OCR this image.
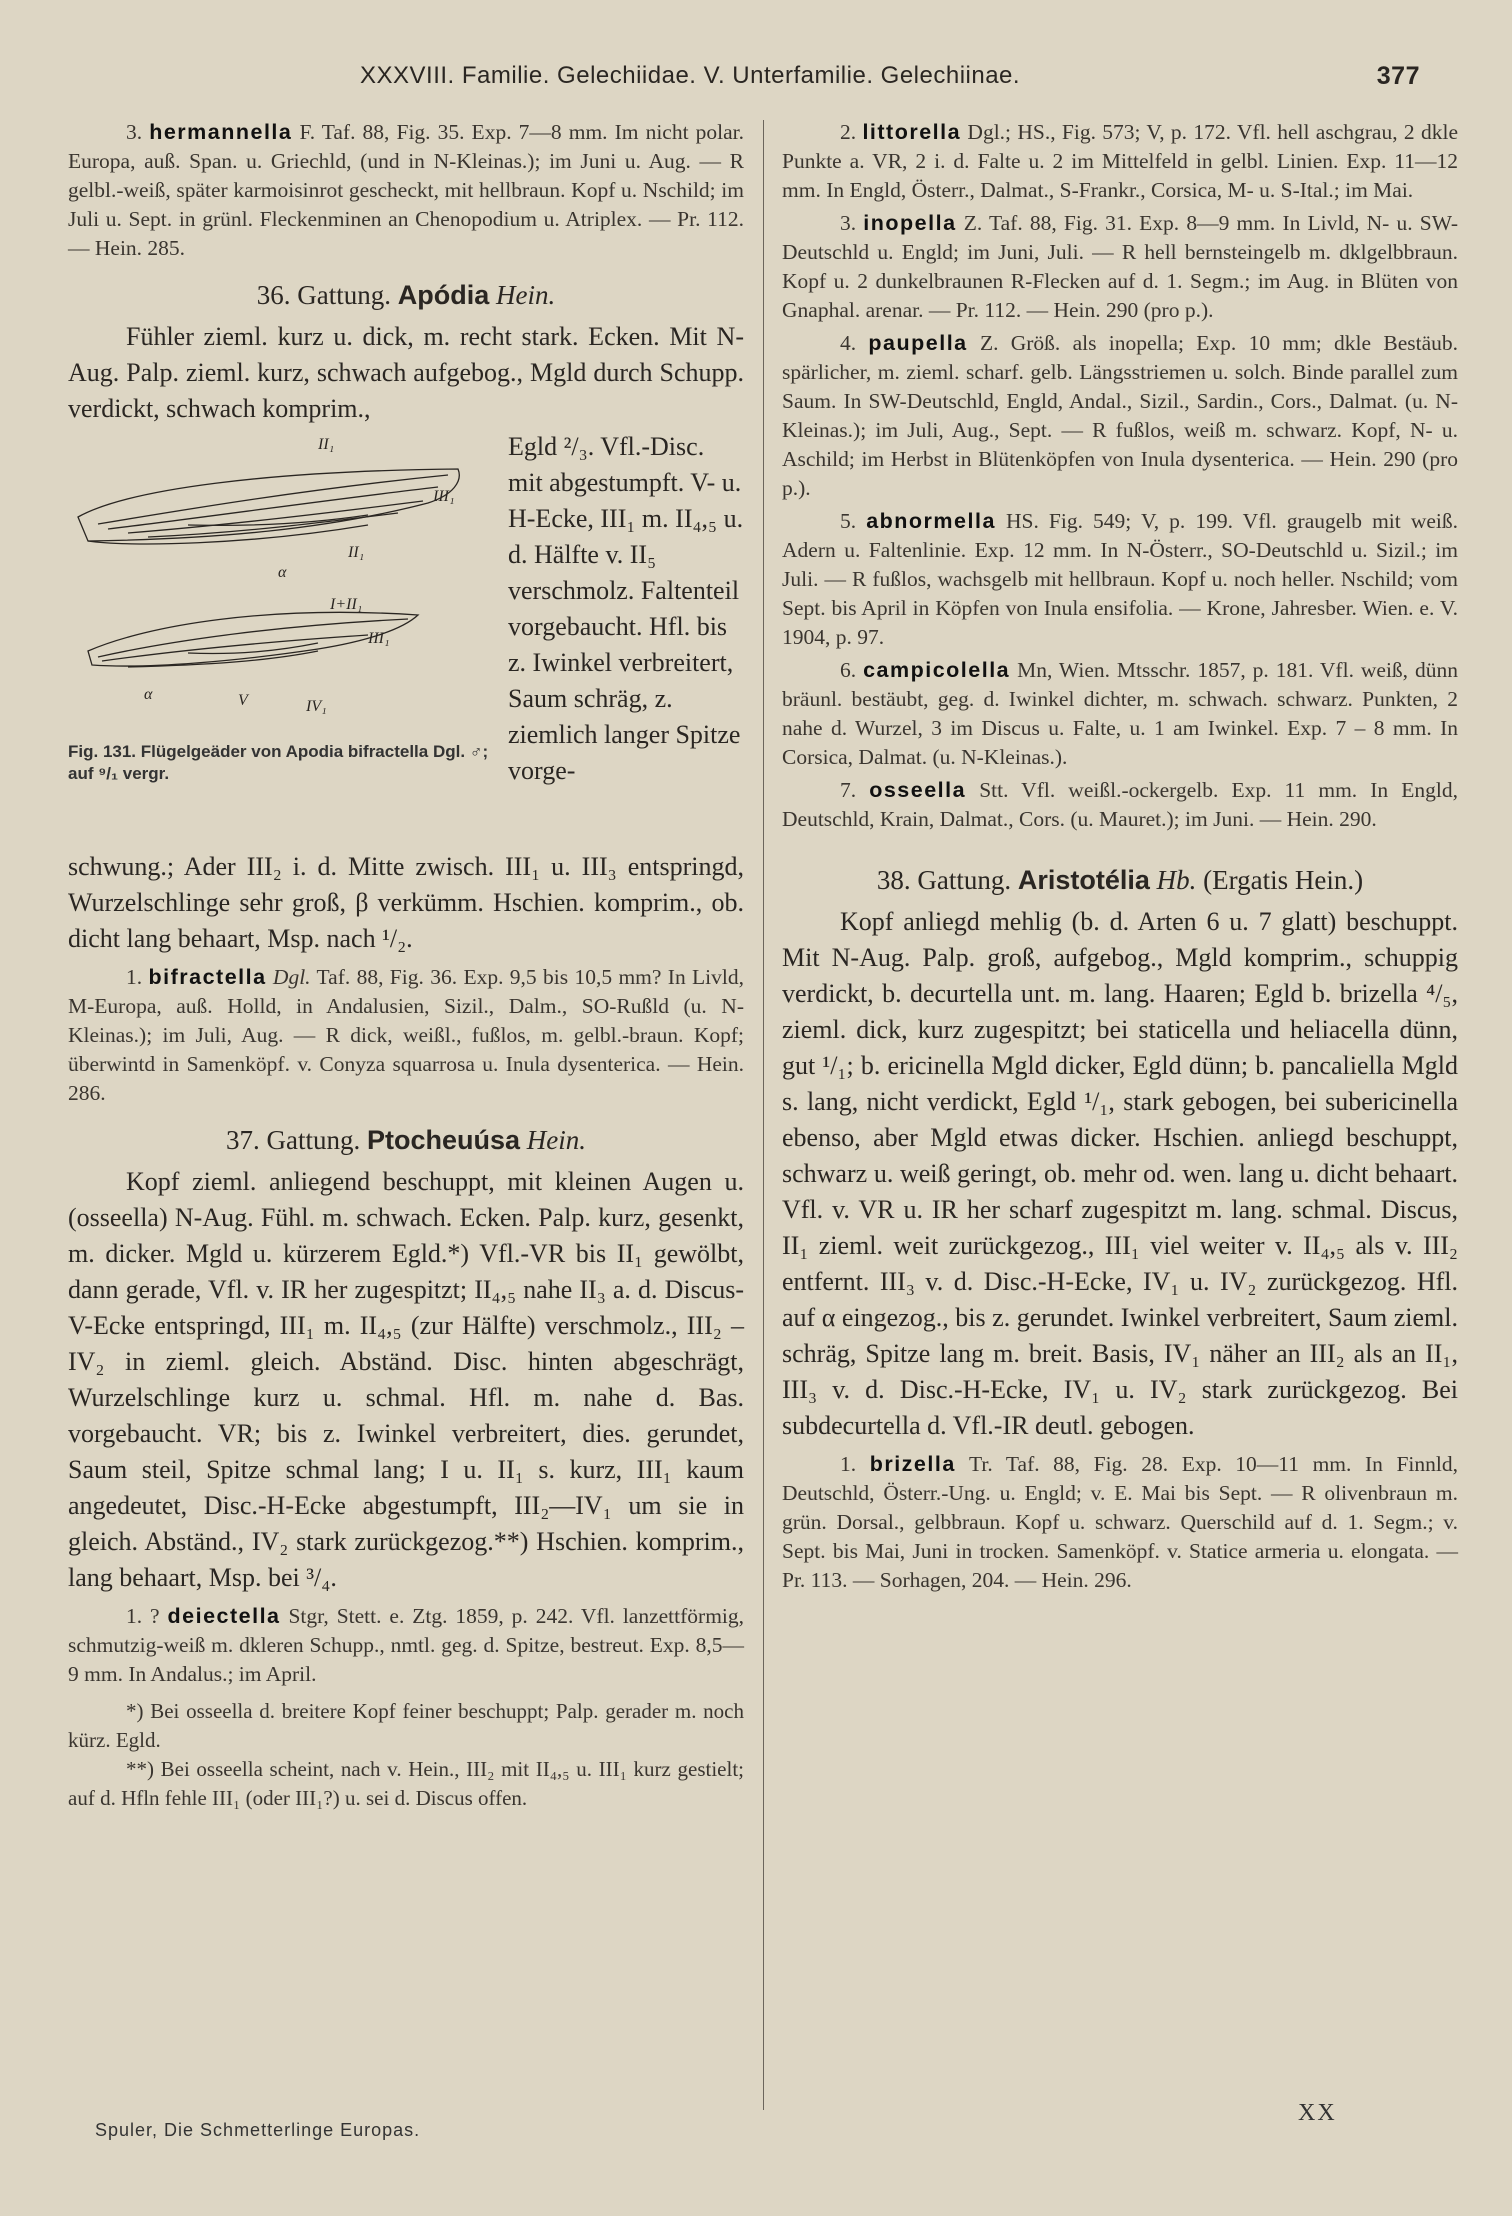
XXXVIII. Familie. Gelechiidae. V. Unterfamilie. Gelechiinae.	377

3. hermannella F. Taf. 88, Fig. 35. Exp. 7—8 mm. Im nicht polar. Europa, auß. Span. u. Griechld, (und in N-Kleinas.); im Juni u. Aug. — R gelbl.-weiß, später karmoisinrot gescheckt, mit hellbraun. Kopf u. Nschild; im Juli u. Sept. in grünl. Fleckenminen an Chenopodium u. Atriplex. — Pr. 112. — Hein. 285.

36. Gattung. Apódia Hein.

Fühler zieml. kurz u. dick, m. recht stark. Ecken. Mit N-Aug. Palp. zieml. kurz, schwach aufgebog., Mgld durch Schupp. verdickt, schwach komprim.,

II₁
III₁
II₁
α
I+II₁
III₁
α	V	IV₁
Fig. 131. Flügelgeäder von Apodia bifractella Dgl. ♂; auf ⁹/₁ vergr.

Egld ²/₃. Vfl.-Disc. mit abgestumpft. V- u. H-Ecke, III₁ m. II₄,₅ u. d. Hälfte v. II₅ verschmolz. Faltenteil vorgebaucht. Hfl. bis z. Iwinkel verbreitert, Saum schräg, z. ziemlich langer Spitze vorge-

schwung.; Ader III₂ i. d. Mitte zwisch. III₁ u. III₃ entspringd, Wurzelschlinge sehr groß, β verkümm. Hschien. komprim., ob. dicht lang behaart, Msp. nach ¹/₂.

1. bifractella Dgl. Taf. 88, Fig. 36. Exp. 9,5 bis 10,5 mm? In Livld, M-Europa, auß. Holld, in Andalusien, Sizil., Dalm., SO-Rußld (u. N-Kleinas.); im Juli, Aug. — R dick, weißl., fußlos, m. gelbl.-braun. Kopf; überwintd in Samenköpf. v. Conyza squarrosa u. Inula dysenterica. — Hein. 286.

37. Gattung. Ptocheuúsa Hein.

Kopf zieml. anliegend beschuppt, mit kleinen Augen u. (osseella) N-Aug. Fühl. m. schwach. Ecken. Palp. kurz, gesenkt, m. dicker. Mgld u. kürzerem Egld.*) Vfl.-VR bis II₁ gewölbt, dann gerade, Vfl. v. IR her zugespitzt; II₄,₅ nahe II₃ a. d. Discus-V-Ecke entspringd, III₁ m. II₄,₅ (zur Hälfte) verschmolz., III₂ – IV₂ in zieml. gleich. Abständ. Disc. hinten abgeschrägt, Wurzelschlinge kurz u. schmal. Hfl. m. nahe d. Bas. vorgebaucht. VR; bis z. Iwinkel verbreitert, dies. gerundet, Saum steil, Spitze schmal lang; I u. II₁ s. kurz, III₁ kaum angedeutet, Disc.-H-Ecke abgestumpft, III₂—IV₁ um sie in gleich. Abständ., IV₂ stark zurückgezog.**) Hschien. komprim., lang behaart, Msp. bei ³/₄.

1. ? deiectella Stgr, Stett. e. Ztg. 1859, p. 242. Vfl. lanzettförmig, schmutzig-weiß m. dkleren Schupp., nmtl. geg. d. Spitze, bestreut. Exp. 8,5—9 mm. In Andalus.; im April.

*) Bei osseella d. breitere Kopf feiner beschuppt; Palp. gerader m. noch kürz. Egld.

**) Bei osseella scheint, nach v. Hein., III₂ mit II₄,₅ u. III₁ kurz gestielt; auf d. Hfln fehle III₁ (oder III₁?) u. sei d. Discus offen.

2. littorella Dgl.; HS., Fig. 573; V, p. 172. Vfl. hell aschgrau, 2 dkle Punkte a. VR, 2 i. d. Falte u. 2 im Mittelfeld in gelbl. Linien. Exp. 11—12 mm. In Engld, Österr., Dalmat., S-Frankr., Corsica, M- u. S-Ital.; im Mai.

3. inopella Z. Taf. 88, Fig. 31. Exp. 8—9 mm. In Livld, N- u. SW-Deutschld u. Engld; im Juni, Juli. — R hell bernsteingelb m. dklgelbbraun. Kopf u. 2 dunkelbraunen R-Flecken auf d. 1. Segm.; im Aug. in Blüten von Gnaphal. arenar. — Pr. 112. — Hein. 290 (pro p.).

4. paupella Z. Größ. als inopella; Exp. 10 mm; dkle Bestäub. spärlicher, m. zieml. scharf. gelb. Längsstriemen u. solch. Binde parallel zum Saum. In SW-Deutschld, Engld, Andal., Sizil., Sardin., Cors., Dalmat. (u. N-Kleinas.); im Juli, Aug., Sept. — R fußlos, weiß m. schwarz. Kopf, N- u. Aschild; im Herbst in Blütenköpfen von Inula dysenterica. — Hein. 290 (pro p.).

5. abnormella HS. Fig. 549; V, p. 199. Vfl. graugelb mit weiß. Adern u. Faltenlinie. Exp. 12 mm. In N-Österr., SO-Deutschld u. Sizil.; im Juli. — R fußlos, wachsgelb mit hellbraun. Kopf u. noch heller. Nschild; vom Sept. bis April in Köpfen von Inula ensifolia. — Krone, Jahresber. Wien. e. V. 1904, p. 97.

6. campicolella Mn, Wien. Mtsschr. 1857, p. 181. Vfl. weiß, dünn bräunl. bestäubt, geg. d. Iwinkel dichter, m. schwach. schwarz. Punkten, 2 nahe d. Wurzel, 3 im Discus u. Falte, u. 1 am Iwinkel. Exp. 7 – 8 mm. In Corsica, Dalmat. (u. N-Kleinas.).

7. osseella Stt. Vfl. weißl.-ockergelb. Exp. 11 mm. In Engld, Deutschld, Krain, Dalmat., Cors. (u. Mauret.); im Juni. — Hein. 290.

38. Gattung. Aristotélia Hb. (Ergatis Hein.)

Kopf anliegd mehlig (b. d. Arten 6 u. 7 glatt) beschuppt. Mit N-Aug. Palp. groß, aufgebog., Mgld komprim., schuppig verdickt, b. decurtella unt. m. lang. Haaren; Egld b. brizella ⁴/₅, zieml. dick, kurz zugespitzt; bei staticella und heliacella dünn, gut ¹/₁; b. ericinella Mgld dicker, Egld dünn; b. pancaliella Mgld s. lang, nicht verdickt, Egld ¹/₁, stark gebogen, bei subericinella ebenso, aber Mgld etwas dicker. Hschien. anliegd beschuppt, schwarz u. weiß geringt, ob. mehr od. wen. lang u. dicht behaart. Vfl. v. VR u. IR her scharf zugespitzt m. lang. schmal. Discus, II₁ zieml. weit zurückgezog., III₁ viel weiter v. II₄,₅ als v. III₂ entfernt. III₃ v. d. Disc.-H-Ecke, IV₁ u. IV₂ zurückgezog. Hfl. auf α eingezog., bis z. gerundet. Iwinkel verbreitert, Saum zieml. schräg, Spitze lang m. breit. Basis, IV₁ näher an III₂ als an II₁, III₃ v. d. Disc.-H-Ecke, IV₁ u. IV₂ stark zurückgezog. Bei subdecurtella d. Vfl.-IR deutl. gebogen.

1. brizella Tr. Taf. 88, Fig. 28. Exp. 10—11 mm. In Finnld, Deutschld, Österr.-Ung. u. Engld; v. E. Mai bis Sept. — R olivenbraun m. grün. Dorsal., gelbbraun. Kopf u. schwarz. Querschild auf d. 1. Segm.; v. Sept. bis Mai, Juni in trocken. Samenköpf. v. Statice armeria u. elongata. — Pr. 113. — Sorhagen, 204. — Hein. 296.

Spuler, Die Schmetterlinge Europas.
XX
